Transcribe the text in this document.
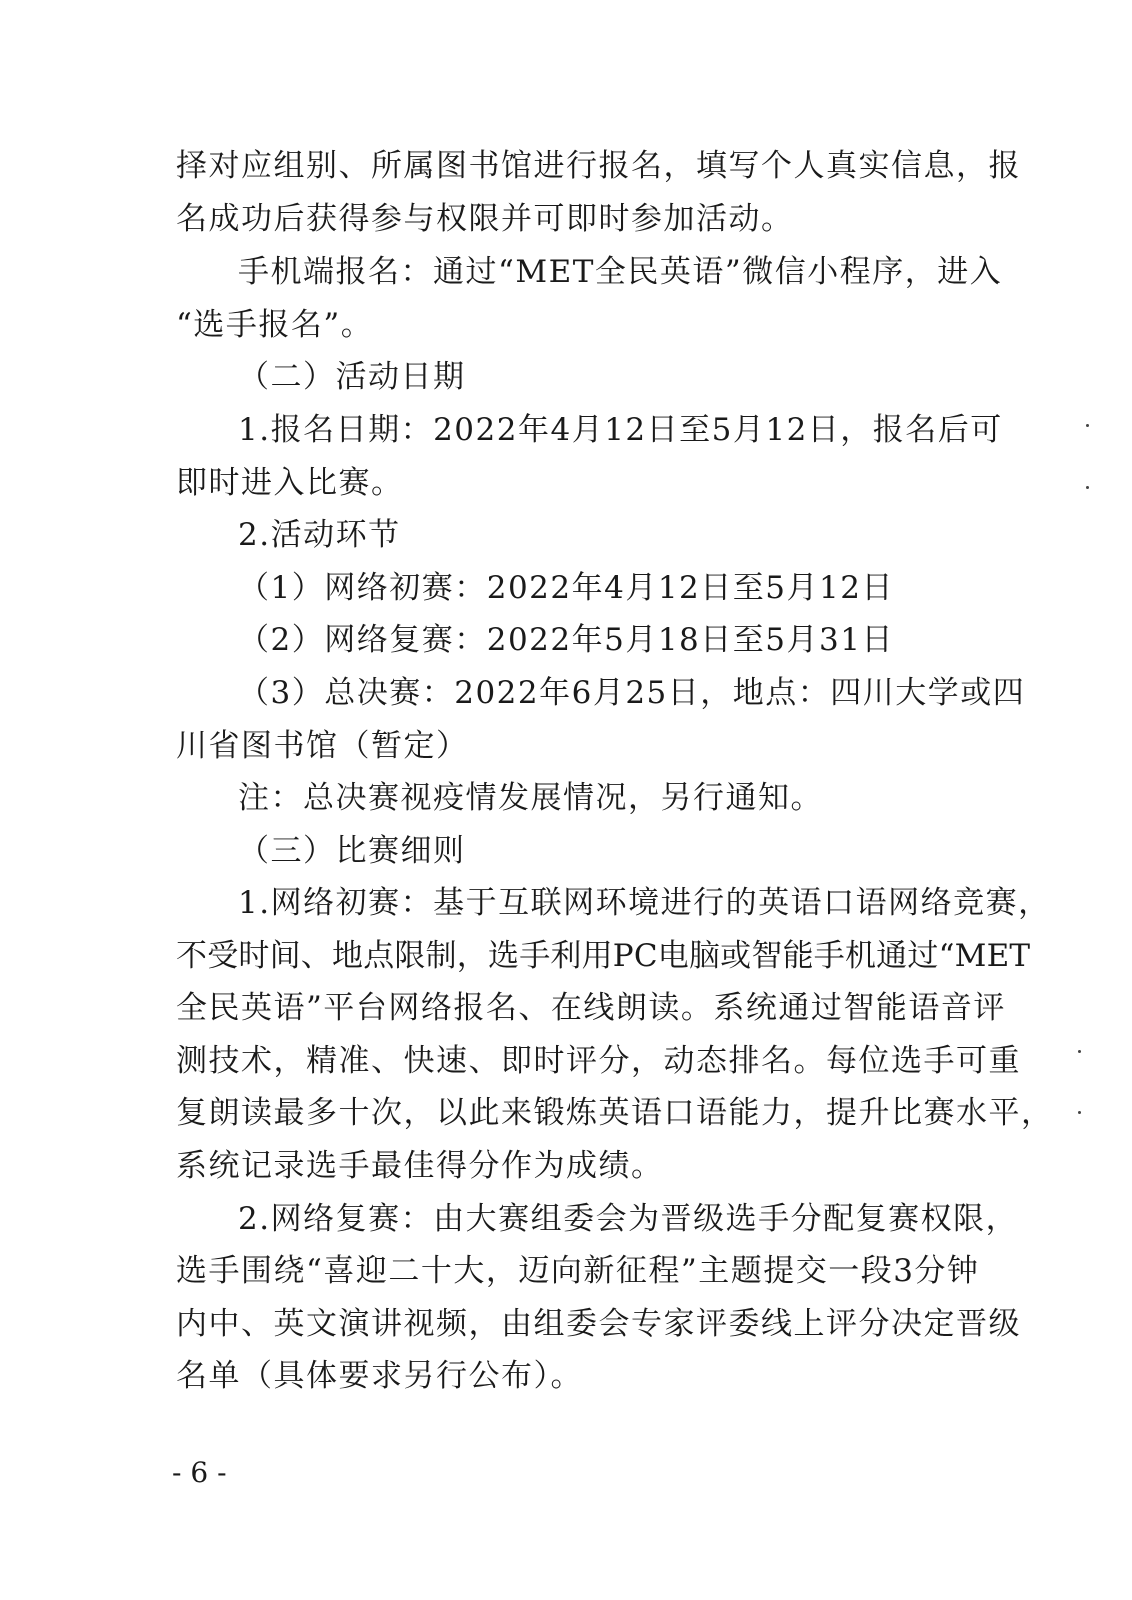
择对应组别、所属图书馆进行报名，填写个人真实信息，报
名成功后获得参与权限并可即时参加活动。
手机端报名：通过“MET全民英语”微信小程序，进入
“选手报名”。
（二）活动日期
1.报名日期：2022年4月12日至5月12日，报名后可
即时进入比赛。
2.活动环节
（1）网络初赛：2022年4月12日至5月12日
（2）网络复赛：2022年5月18日至5月31日
（3）总决赛：2022年6月25日，地点：四川大学或四
川省图书馆（暂定）
注：总决赛视疫情发展情况，另行通知。
（三）比赛细则
1.网络初赛：基于互联网环境进行的英语口语网络竞赛，
不受时间、地点限制，选手利用PC电脑或智能手机通过“MET
全民英语”平台网络报名、在线朗读。系统通过智能语音评
测技术，精准、快速、即时评分，动态排名。每位选手可重
复朗读最多十次，以此来锻炼英语口语能力，提升比赛水平，
系统记录选手最佳得分作为成绩。
2.网络复赛：由大赛组委会为晋级选手分配复赛权限，
选手围绕“喜迎二十大，迈向新征程”主题提交一段3分钟
内中、英文演讲视频，由组委会专家评委线上评分决定晋级
名单（具体要求另行公布）。
- 6 -
